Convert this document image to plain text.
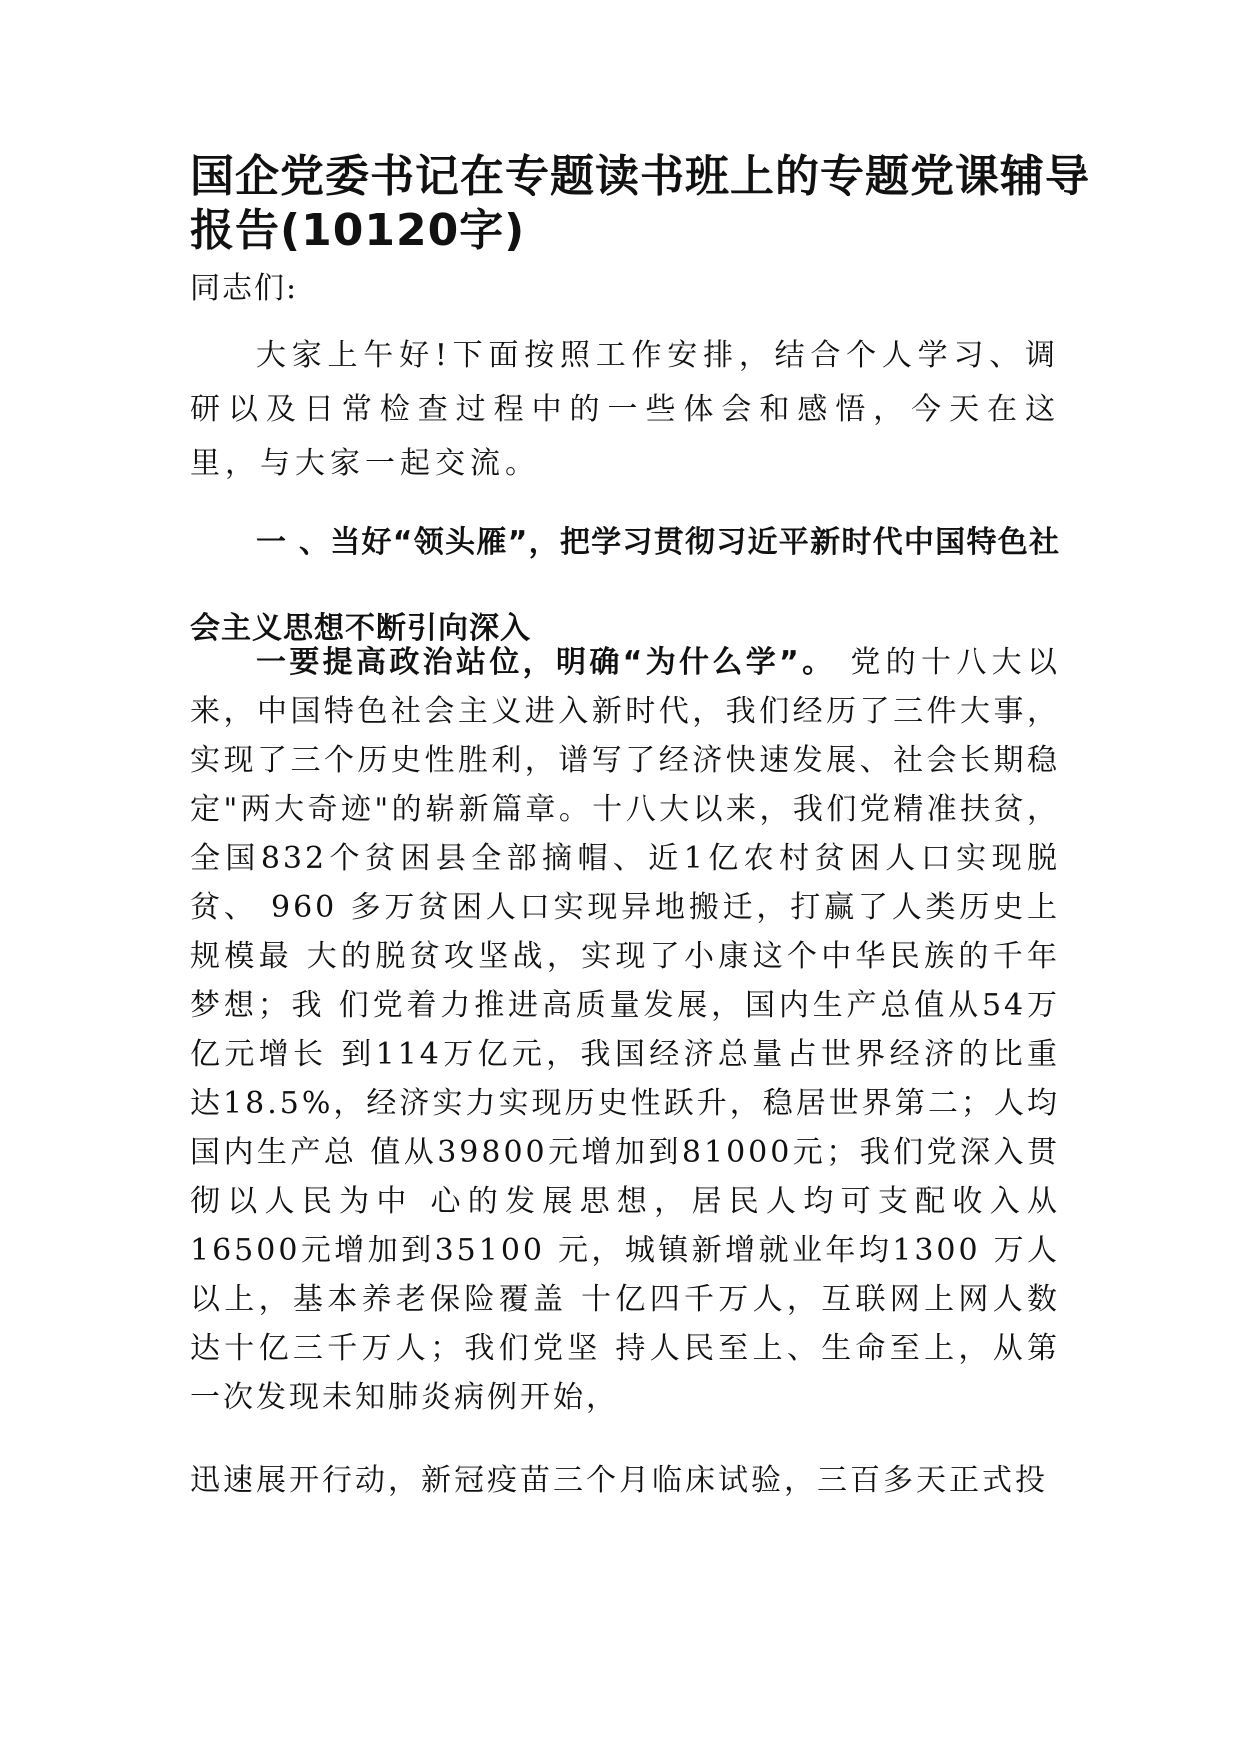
国企党委书记在专题读书班上的专题党课辅导报告(10120字)

同志们:

大家上午好!下面按照工作安排，结合个人学习、调研以及日常检查过程中的一些体会和感悟，今天在这里，与大家一起交流。

一 、当好“领头雁”，把学习贯彻习近平新时代中国特色社会主义思想不断引向深入

一要提高政治站位，明确“为什么学”。 党的十八大以来，中国特色社会主义进入新时代，我们经历了三件大事，实现了三个历史性胜利，谱写了经济快速发展、社会长期稳定"两大奇迹"的崭新篇章。十八大以来，我们党精准扶贫，全国832个贫困县全部摘帽、近1亿农村贫困人口实现脱贫、 960 多万贫困人口实现异地搬迁，打赢了人类历史上规模最 大的脱贫攻坚战，实现了小康这个中华民族的千年梦想；我 们党着力推进高质量发展，国内生产总值从54万亿元增长 到114万亿元，我国经济总量占世界经济的比重达18.5%，经济实力实现历史性跃升，稳居世界第二；人均国内生产总 值从39800元增加到81000元；我们党深入贯彻以人民为中 心的发展思想，居民人均可支配收入从16500元增加到35100 元，城镇新增就业年均1300 万人以上，基本养老保险覆盖 十亿四千万人，互联网上网人数达十亿三千万人；我们党坚 持人民至上、生命至上，从第一次发现未知肺炎病例开始，

迅速展开行动，新冠疫苗三个月临床试验，三百多天正式投
